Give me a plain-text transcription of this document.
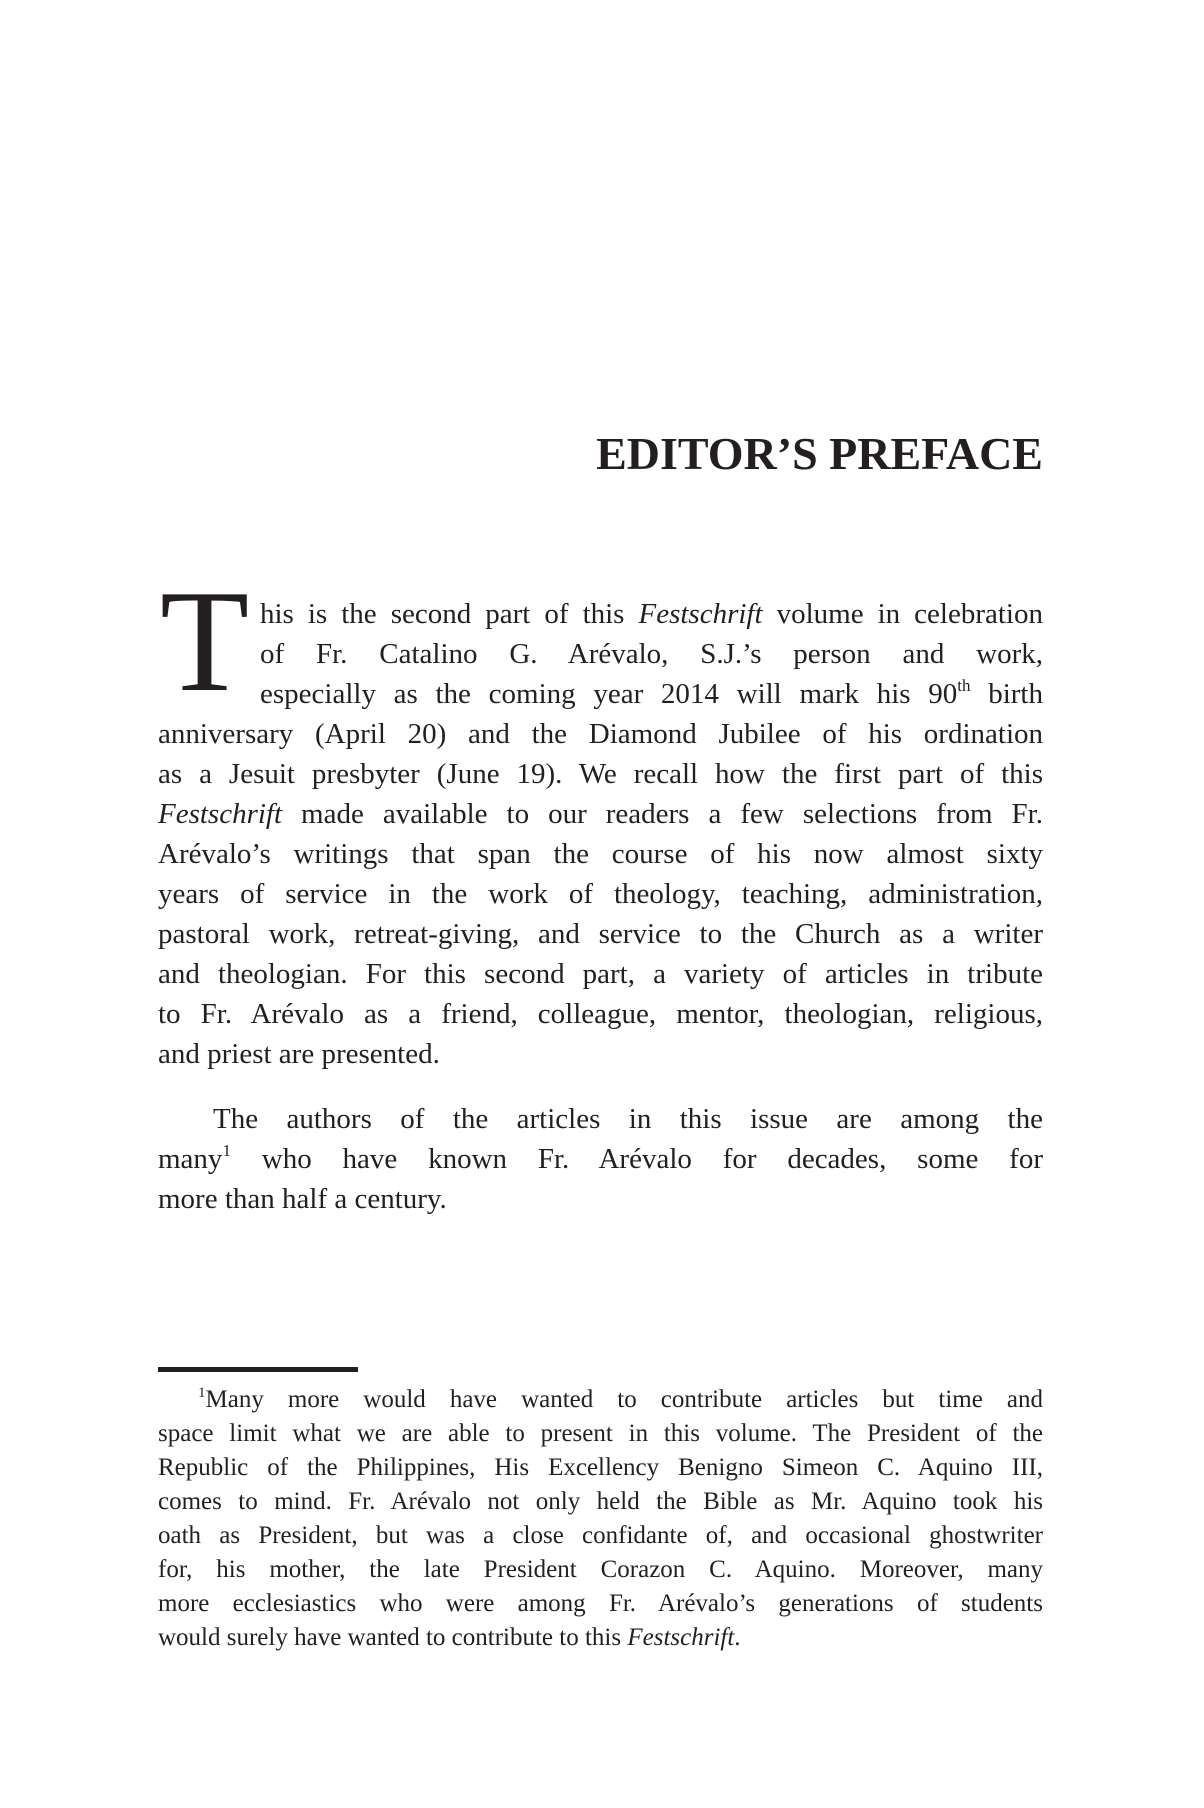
EDITOR’S PREFACE
T his is the second part of this Festschrift volume in celebration
of Fr. Catalino G. Arévalo, S.J.’s person and work,
especially as the coming year 2014 will mark his 90th birth
anniversary (April 20) and the Diamond Jubilee of his ordination
as a Jesuit presbyter (June 19). We recall how the first part of this
Festschrift made available to our readers a few selections from Fr.
Arévalo’s writings that span the course of his now almost sixty
years of service in the work of theology, teaching, administration,
pastoral work, retreat-giving, and service to the Church as a writer
and theologian. For this second part, a variety of articles in tribute
to Fr. Arévalo as a friend, colleague, mentor, theologian, religious,
and priest are presented.
The authors of the articles in this issue are among the
many$^1$ who have known Fr. Arévalo for decades, some for
more than half a century.
$^1$Many more would have wanted to contribute articles but time and
space limit what we are able to present in this volume. The President of the
Republic of the Philippines, His Excellency Benigno Simeon C. Aquino III,
comes to mind. Fr. Arévalo not only held the Bible as Mr. Aquino took his
oath as President, but was a close confidante of, and occasional ghostwriter
for, his mother, the late President Corazon C. Aquino. Moreover, many
more ecclesiastics who were among Fr. Arévalo’s generations of students
would surely have wanted to contribute to this Festschrift.
